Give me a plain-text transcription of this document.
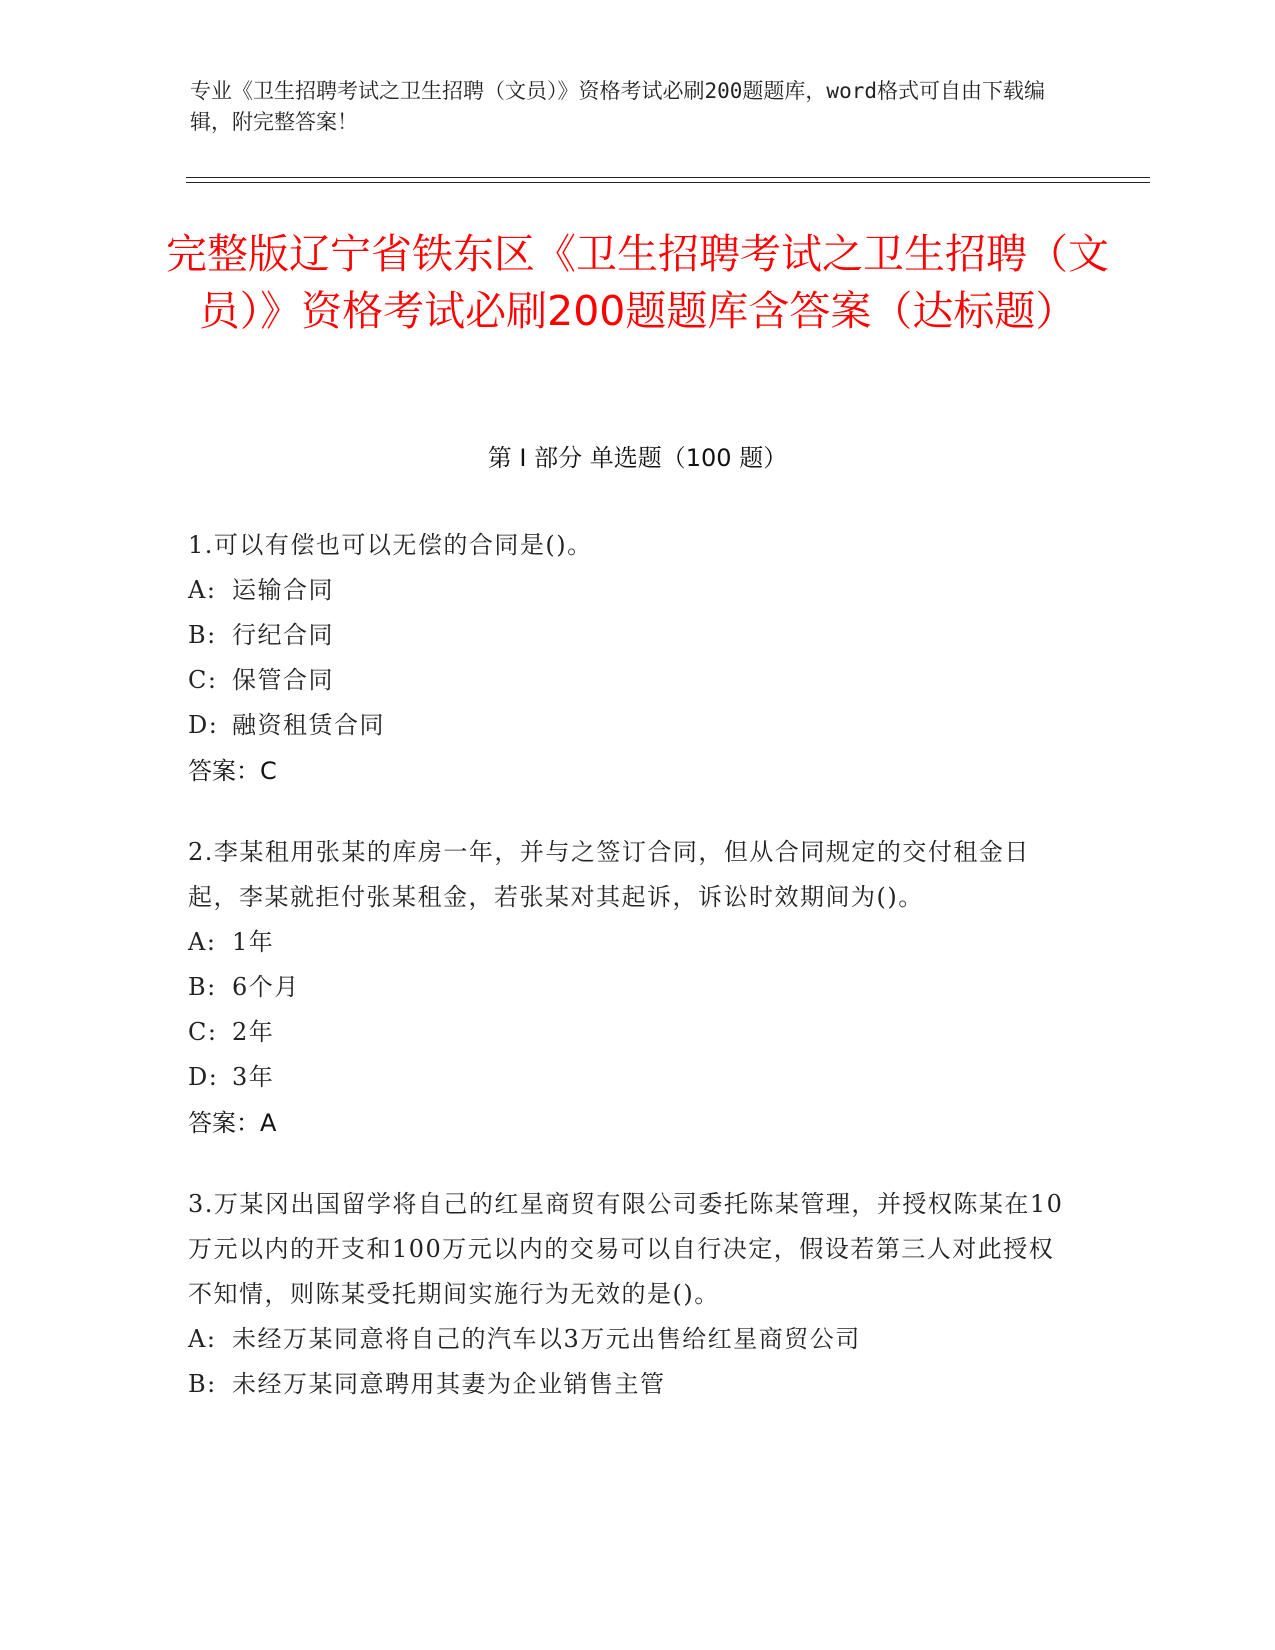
专业《卫生招聘考试之卫生招聘（文员）》资格考试必刷200题题库，word格式可自由下载编辑，附完整答案！
完整版辽宁省铁东区《卫生招聘考试之卫生招聘（文员）》资格考试必刷200题题库含答案（达标题）
第 I 部分 单选题（100 题）
1.可以有偿也可以无偿的合同是()。
A: 运输合同
B: 行纪合同
C: 保管合同
D: 融资租赁合同
答案：C
2.李某租用张某的库房一年，并与之签订合同，但从合同规定的交付租金日起，李某就拒付张某租金，若张某对其起诉，诉讼时效期间为()。
A: 1年
B: 6个月
C: 2年
D: 3年
答案：A
3.万某冈出国留学将自己的红星商贸有限公司委托陈某管理，并授权陈某在10万元以内的开支和100万元以内的交易可以自行决定，假设若第三人对此授权不知情，则陈某受托期间实施行为无效的是()。
A: 未经万某同意将自己的汽车以3万元出售给红星商贸公司
B: 未经万某同意聘用其妻为企业销售主管
